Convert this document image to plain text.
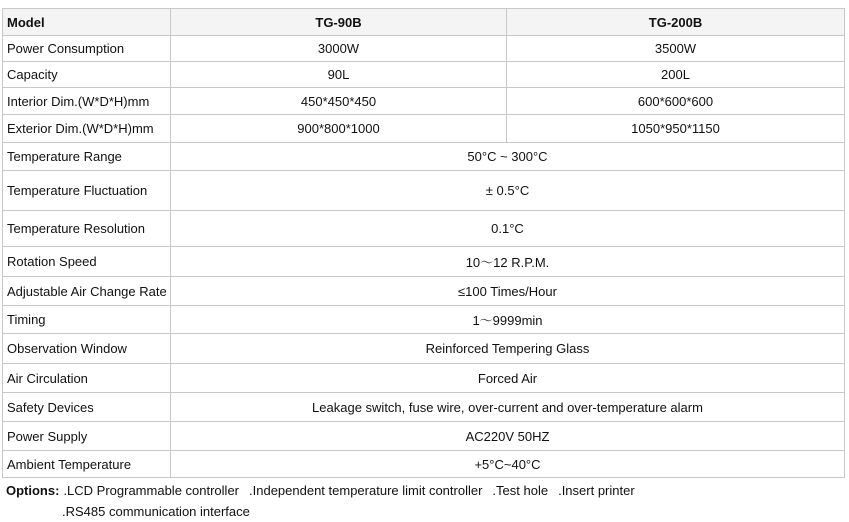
Model	TG-90B	TG-200B
Power Consumption	3000W	3500W
Capacity	90L	200L
Interior Dim.(W*D*H)mm	450*450*450	600*600*600
Exterior Dim.(W*D*H)mm	900*800*1000	1050*950*1150
Temperature Range	50°C ~ 300°C	
Temperature Fluctuation	± 0.5°C	
Temperature Resolution	0.1°C	
Rotation Speed	10～12 R.P.M.	
Adjustable Air Change Rate	≤100 Times/Hour	
Timing	1～9999min	
Observation Window	Reinforced Tempering Glass	
Air Circulation	Forced Air	
Safety Devices	Leakage switch, fuse wire, over-current and over-temperature alarm	
Power Supply	AC220V 50HZ	
Ambient Temperature	+5°C~40°C	
Options: .LCD Programmable controller .Independent temperature limit controller .Test hole .Insert printer
.RS485 communication interface
